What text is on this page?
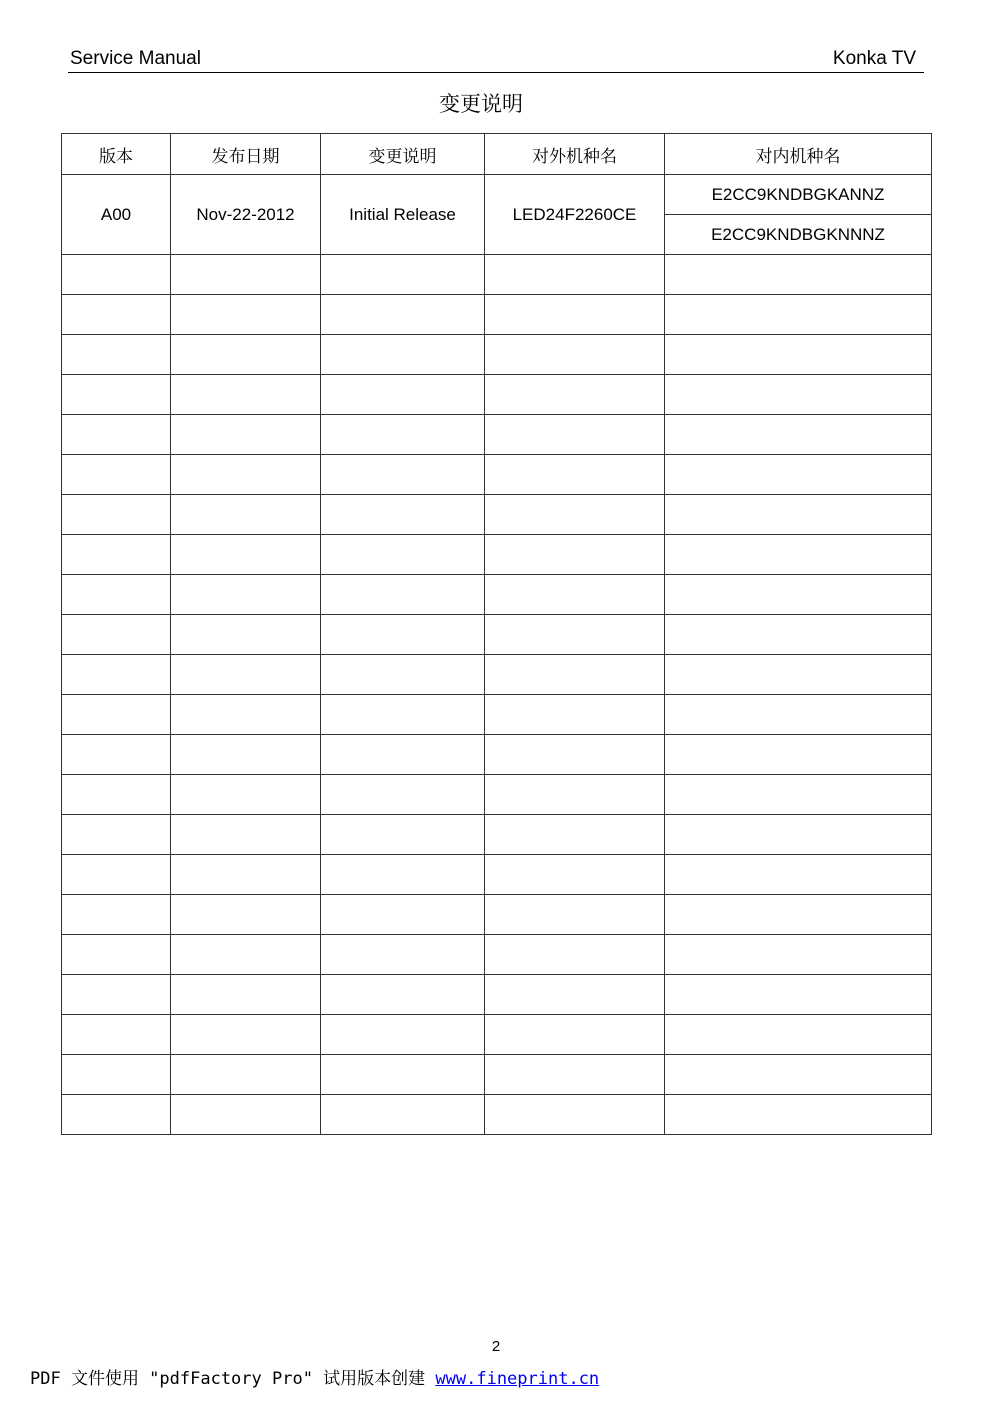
Service Manual	Konka TV
变更说明
版本	发布日期	变更说明	对外机种名	对内机种名
A00	Nov-22-2012	Initial Release	LED24F2260CE	E2CC9KNDBGKANNZ
				E2CC9KNDBGKNNNZ

2
PDF 文件使用 "pdfFactory Pro" 试用版本创建 www.fineprint.cn
